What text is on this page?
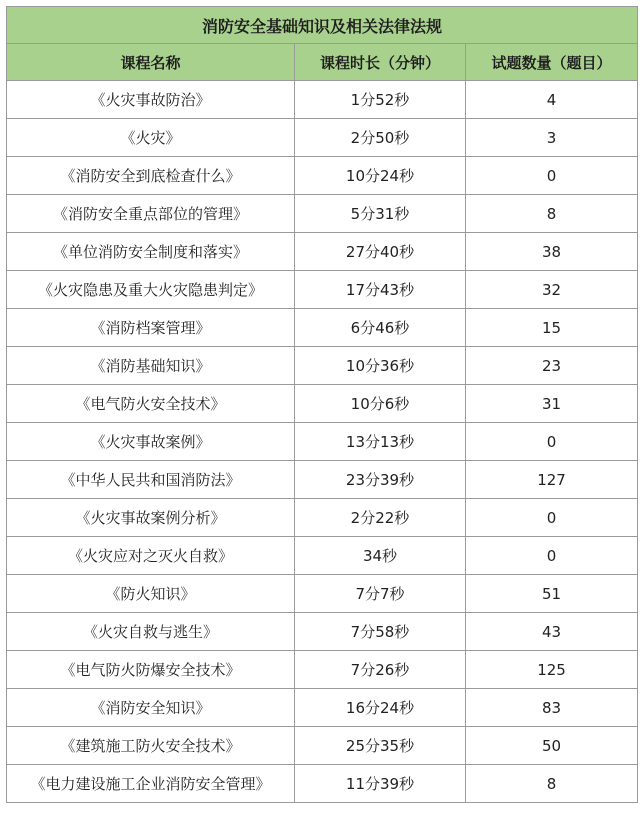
消防安全基础知识及相关法律法规		
课程名称	课程时长（分钟）	试题数量（题目）
《火灾事故防治》	1分52秒	4
《火灾》	2分50秒	3
《消防安全到底检查什么》	10分24秒	0
《消防安全重点部位的管理》	5分31秒	8
《单位消防安全制度和落实》	27分40秒	38
《火灾隐患及重大火灾隐患判定》	17分43秒	32
《消防档案管理》	6分46秒	15
《消防基础知识》	10分36秒	23
《电气防火安全技术》	10分6秒	31
《火灾事故案例》	13分13秒	0
《中华人民共和国消防法》	23分39秒	127
《火灾事故案例分析》	2分22秒	0
《火灾应对之灭火自救》	34秒	0
《防火知识》	7分7秒	51
《火灾自救与逃生》	7分58秒	43
《电气防火防爆安全技术》	7分26秒	125
《消防安全知识》	16分24秒	83
《建筑施工防火安全技术》	25分35秒	50
《电力建设施工企业消防安全管理》	11分39秒	8
